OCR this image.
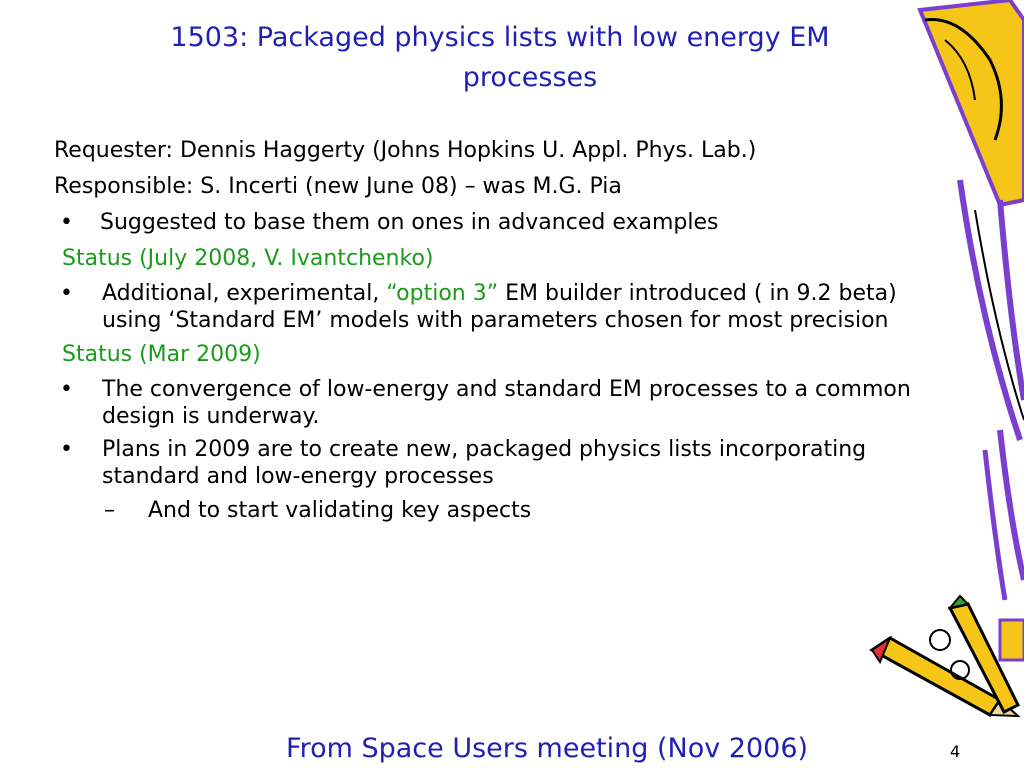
1503: Packaged physics lists with low energy EM
processes
Requester: Dennis Haggerty (Johns Hopkins U. Appl. Phys. Lab.)
Responsible: S. Incerti (new June 08) – was M.G. Pia
• Suggested to base them on ones in advanced examples
Status (July 2008, V. Ivantchenko)
• Additional, experimental, “option 3” EM builder introduced ( in 9.2 beta) using ‘Standard EM’ models with parameters chosen for most precision
Status (Mar 2009)
• The convergence of low-energy and standard EM processes to a common design is underway.
• Plans in 2009 are to create new, packaged physics lists incorporating standard and low-energy processes
– And to start validating key aspects
From Space Users meeting (Nov 2006)	4
